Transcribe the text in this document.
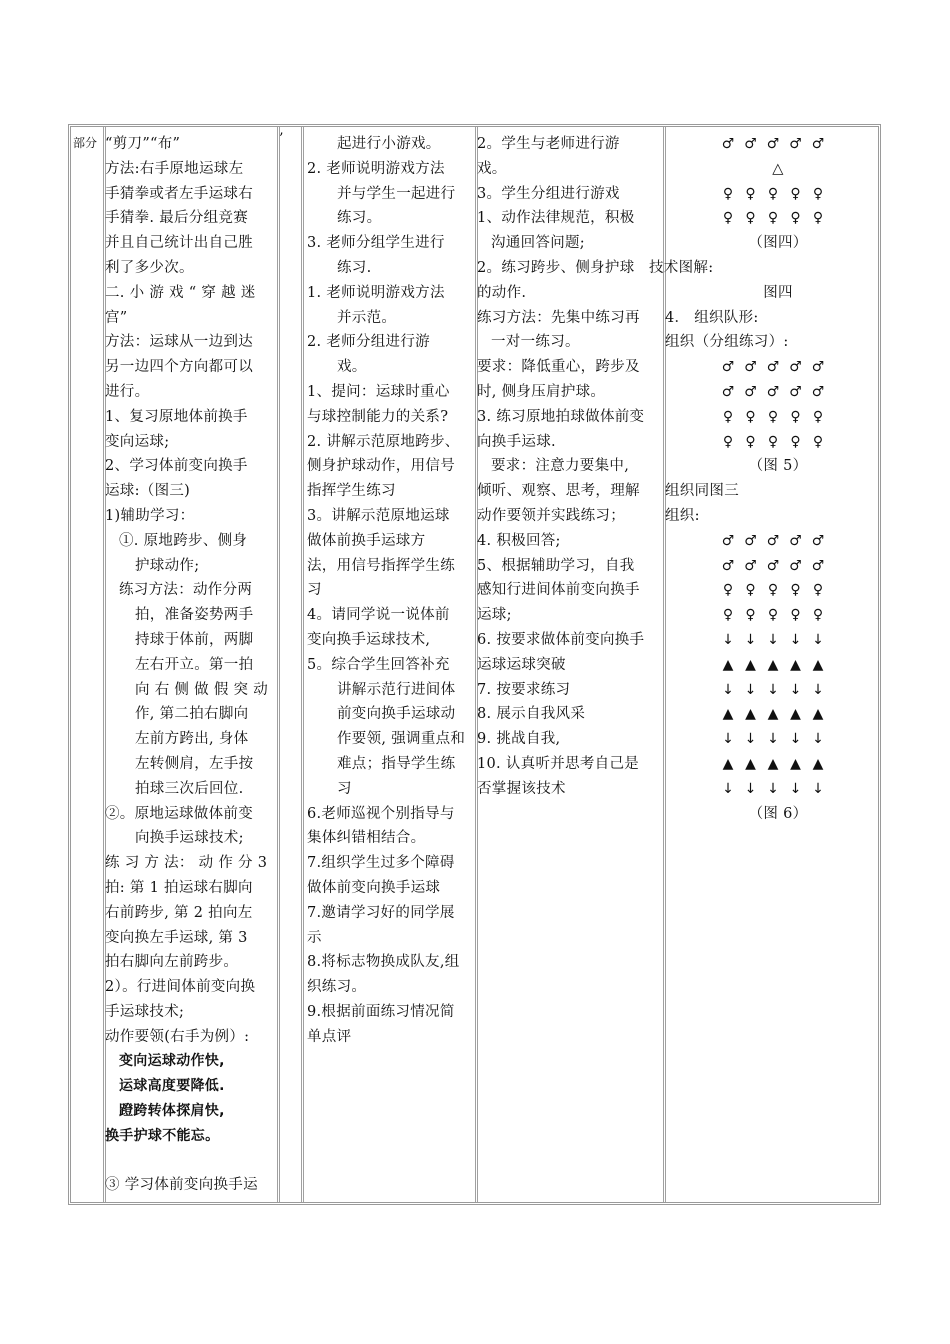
部分 “剪刀”“布”
方法:右手原地运球左
手猜拳或者左手运球右
手猜拳. 最后分组竞赛
并且自己统计出自己胜
利了多少次。
二. 小 游 戏 “ 穿 越 迷
宫”
方法：运球从一边到达
另一边四个方向都可以
进行。
1、复习原地体前换手
变向运球;
2、学习体前变向换手
运球:（图三)
1)辅助学习：
①. 原地跨步、侧身
护球动作;
练习方法：动作分两
拍，准备姿势两手
持球于体前，两脚
左右开立。第一拍
向 右 侧 做 假 突 动
作, 第二拍右脚向
左前方跨出, 身体
左转侧肩，左手按
拍球三次后回位.
②。原地运球做体前变
向换手运球技术;
练 习 方 法： 动 作 分 3
拍: 第 1 拍运球右脚向
右前跨步, 第 2 拍向左
变向换左手运球, 第 3
拍右脚向左前跨步。
2）。行进间体前变向换
手运球技术;
动作要领(右手为例）:
变向运球动作快,
运球高度要降低.
蹬跨转体探肩快,
换手护球不能忘。

③ 学习体前变向换手运
’	起进行小游戏。
2. 老师说明游戏方法
并与学生一起进行
练习。
3. 老师分组学生进行
练习.
1. 老师说明游戏方法
并示范。
2. 老师分组进行游
戏。
1、提问：运球时重心
与球控制能力的关系?
2. 讲解示范原地跨步、
侧身护球动作，用信号
指挥学生练习
3。讲解示范原地运球
做体前换手运球方
法，用信号指挥学生练
习
4。请同学说一说体前
变向换手运球技术,
5。综合学生回答补充
讲解示范行进间体
前变向换手运球动
作要领, 强调重点和
难点；指导学生练
习
6.老师巡视个别指导与
集体纠错相结合。
7.组织学生过多个障碍
做体前变向换手运球
7.邀请学习好的同学展
示
8.将标志物换成队友,组
织练习。
9.根据前面练习情况简
单点评
2。学生与老师进行游
戏。
3。学生分组进行游戏
1、动作法律规范，积极
沟通回答问题;
2。练习跨步、侧身护球
的动作.
练习方法：先集中练习再
一对一练习。
要求：降低重心，跨步及
时, 侧身压肩护球。
3. 练习原地拍球做体前变
向换手运球.
要求：注意力要集中,
倾听、观察、思考，理解
动作要领并实践练习；
4. 积极回答;
5、根据辅助学习，自我
感知行进间体前变向换手
运球;
6. 按要求做体前变向换手
运球运球突破
7. 按要求练习
8. 展示自我风采
9. 挑战自我,
10. 认真听并思考自己是
否掌握该技术
♂ ♂ ♂ ♂ ♂
△
♀ ♀ ♀ ♀ ♀
♀ ♀ ♀ ♀ ♀
（图四）
技术图解:
图四
4． 组织队形:
组织（分组练习）:
♂ ♂ ♂ ♂ ♂
♂ ♂ ♂ ♂ ♂
♀ ♀ ♀ ♀ ♀
♀ ♀ ♀ ♀ ♀
（图 5）
组织同图三
组织:
♂ ♂ ♂ ♂ ♂
♂ ♂ ♂ ♂ ♂
♀ ♀ ♀ ♀ ♀
♀ ♀ ♀ ♀ ♀
↓ ↓ ↓ ↓ ↓
▲ ▲ ▲ ▲ ▲
↓ ↓ ↓ ↓ ↓
▲ ▲ ▲ ▲ ▲
↓ ↓ ↓ ↓ ↓
▲ ▲ ▲ ▲ ▲
↓ ↓ ↓ ↓ ↓
（图 6）
